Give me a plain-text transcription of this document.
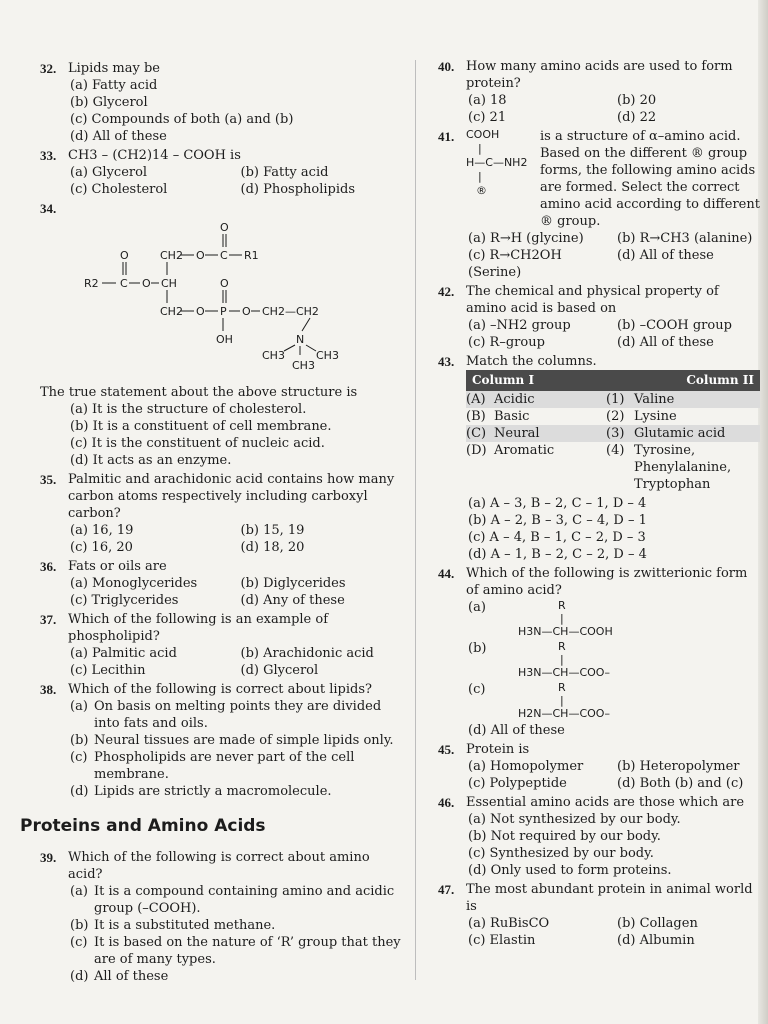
32. Lipids may be
(a) Fatty acid
(b) Glycerol
(c) Compounds of both (a) and (b)
(d) All of these
33. CH3 – (CH2)14 – COOH is
(a) Glycerol	(b) Fatty acid
(c) Cholesterol	(d) Phospholipids
34.
O
CH2 O C R1
O
R2 C O CH	O
CH2 O P O CH2—CH2
OH	N
CH3	CH3
CH3
The true statement about the above structure is
(a) It is the structure of cholesterol.
(b) It is a constituent of cell membrane.
(c) It is the constituent of nucleic acid.
(d) It acts as an enzyme.
35. Palmitic and arachidonic acid contains how many carbon atoms respectively including carboxyl carbon?
(a) 16, 19	(b) 15, 19
(c) 16, 20	(d) 18, 20
36. Fats or oils are
(a) Monoglycerides	(b) Diglycerides
(c) Triglycerides	(d) Any of these
37. Which of the following is an example of phospholipid?
(a) Palmitic acid	(b) Arachidonic acid
(c) Lecithin	(d) Glycerol
38. Which of the following is correct about lipids?
(a) On basis on melting points they are divided into fats and oils.
(b) Neural tissues are made of simple lipids only.
(c) Phospholipids are never part of the cell membrane.
(d) Lipids are strictly a macromolecule.
Proteins and Amino Acids
39. Which of the following is correct about amino acid?
(a) It is a compound containing amino and acidic group (–COOH).
(b) It is a substituted methane.
(c) It is based on the nature of ‘R’ group that they are of many types.
(d) All of these
40. How many amino acids are used to form protein?
(a) 18	(b) 20
(c) 21	(d) 22
41.	COOH
|
H—C—NH2
|
®
is a structure of α–amino acid. Based on the different ® group forms, the following amino acids are formed. Select the correct amino acid according to different ® group.
(a) R→H (glycine)	(b) R→CH3 (alanine)
(c) R→CH2OH (Serine)
(d) All of these
42. The chemical and physical property of amino acid is based on
(a) –NH2 group	(b) –COOH group
(c) R–group	(d) All of these
43. Match the columns.
Column I	Column II
(A) Acidic	(1) Valine
(B) Basic	(2) Lysine
(C) Neural	(3) Glutamic acid
(D) Aromatic	(4) Tyrosine, Phenylalanine, Tryptophan
(a) A – 3, B – 2, C – 1, D – 4
(b) A – 2, B – 3, C – 4, D – 1
(c) A – 4, B – 1, C – 2, D – 3
(d) A – 1, B – 2, C – 2, D – 4
44. Which of the following is zwitterionic form of amino acid?
(a)	R
|
H3N—CH—COOH
(b)	R
|
H3N—CH—COO–
(c)	R
|
H2N—CH—COO–
(d) All of these
45. Protein is
(a) Homopolymer	(b) Heteropolymer
(c) Polypeptide	(d) Both (b) and (c)
46. Essential amino acids are those which are
(a) Not synthesized by our body.
(b) Not required by our body.
(c) Synthesized by our body.
(d) Only used to form proteins.
47. The most abundant protein in animal world is
(a) RuBisCO	(b) Collagen
(c) Elastin	(d) Albumin
